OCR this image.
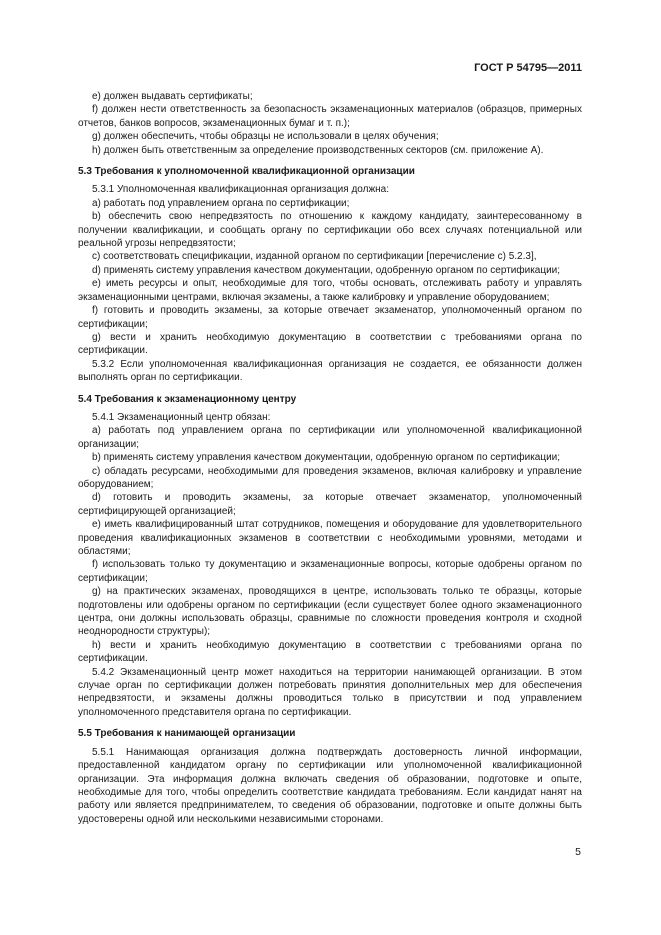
ГОСТ Р 54795—2011

е) должен выдавать сертификаты;

f) должен нести ответственность за безопасность экзаменационных материалов (образцов, примерных отчетов, банков вопросов, экзаменационных бумаг и т. п.);

g) должен обеспечить, чтобы образцы не использовали в целях обучения;

h) должен быть ответственным за определение производственных секторов (см. приложение А).

5.3 Требования к уполномоченной квалификационной организации

5.3.1 Уполномоченная квалификационная организация должна:

а) работать под управлением органа по сертификации;

b) обеспечить свою непредвзятость по отношению к каждому кандидату, заинтересованному в получении квалификации, и сообщать органу по сертификации обо всех случаях потенциальной или реальной угрозы непредвзятости;

с) соответствовать спецификации, изданной органом по сертификации [перечисление с) 5.2.3],

d) применять систему управления качеством документации, одобренную органом по сертификации;

е) иметь ресурсы и опыт, необходимые для того, чтобы основать, отслеживать работу и управлять экзаменационными центрами, включая экзамены, а также калибровку и управление оборудованием;

f) готовить и проводить экзамены, за которые отвечает экзаменатор, уполномоченный органом по сертификации;

g) вести и хранить необходимую документацию в соответствии с требованиями органа по сертификации.

5.3.2 Если уполномоченная квалификационная организация не создается, ее обязанности должен выполнять орган по сертификации.

5.4 Требования к экзаменационному центру

5.4.1 Экзаменационный центр обязан:

а) работать под управлением органа по сертификации или уполномоченной квалификационной организации;

b) применять систему управления качеством документации, одобренную органом по сертификации;

с) обладать ресурсами, необходимыми для проведения экзаменов, включая калибровку и управление оборудованием;

d) готовить и проводить экзамены, за которые отвечает экзаменатор, уполномоченный сертифицирующей организацией;

е) иметь квалифицированный штат сотрудников, помещения и оборудование для удовлетворительного проведения квалификационных экзаменов в соответствии с необходимыми уровнями, методами и областями;

f) использовать только ту документацию и экзаменационные вопросы, которые одобрены органом по сертификации;

g) на практических экзаменах, проводящихся в центре, использовать только те образцы, которые подготовлены или одобрены органом по сертификации (если существует более одного экзаменационного центра, они должны использовать образцы, сравнимые по сложности проведения контроля и сходной неоднородности структуры);

h) вести и хранить необходимую документацию в соответствии с требованиями органа по сертификации.

5.4.2 Экзаменационный центр может находиться на территории нанимающей организации. В этом случае орган по сертификации должен потребовать принятия дополнительных мер для обеспечения непредвзятости, и экзамены должны проводиться только в присутствии и под управлением уполномоченного представителя органа по сертификации.

5.5 Требования к нанимающей организации

5.5.1 Нанимающая организация должна подтверждать достоверность личной информации, предоставленной кандидатом органу по сертификации или уполномоченной квалификационной организации. Эта информация должна включать сведения об образовании, подготовке и опыте, необходимые для того, чтобы определить соответствие кандидата требованиям. Если кандидат нанят на работу или является предпринимателем, то сведения об образовании, подготовке и опыте должны быть удостоверены одной или несколькими независимыми сторонами.

5
